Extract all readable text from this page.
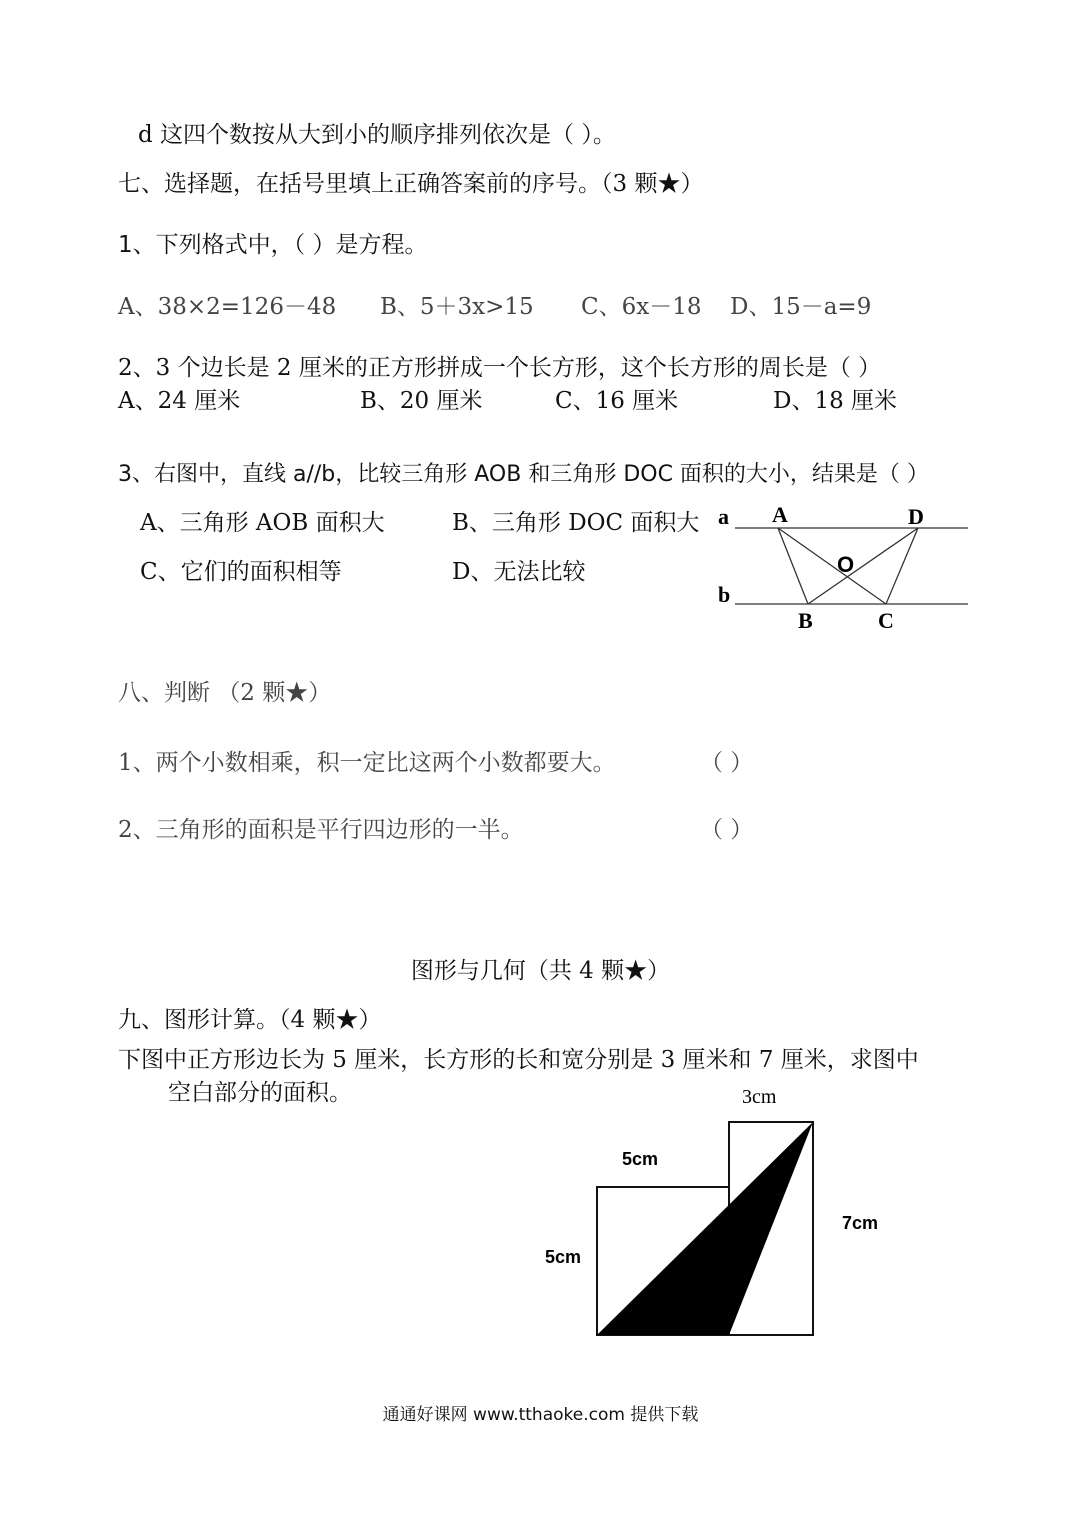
d 这四个数按从大到小的顺序排列依次是（ ）。
七、选择题，在括号里填上正确答案前的序号。（3 颗★）
1、下列格式中，（ ）是方程。
A、38×2=126－48 B、5＋3x>15 C、6x－18 D、15－a=9
2、3 个边长是 2 厘米的正方形拼成一个长方形，这个长方形的周长是（ ）
A、24 厘米	B、20 厘米	C、16 厘米	D、18 厘米
3、右图中，直线 a//b，比较三角形 AOB 和三角形 DOC 面积的大小，结果是（ ）
A、三角形 AOB 面积大	B、三角形 DOC 面积大
C、它们的面积相等	D、无法比较
a
b
A	D
O
B	C
八、判断 （2 颗★）
1、两个小数相乘，积一定比这两个小数都要大。	（ ）
2、三角形的面积是平行四边形的一半。	（ ）
图形与几何（共 4 颗★）
九、图形计算。（4 颗★）
下图中正方形边长为 5 厘米，长方形的长和宽分别是 3 厘米和 7 厘米，求图中
空白部分的面积。	3cm
5cm
5cm
7cm
通通好课网 www.tthaoke.com 提供下载
